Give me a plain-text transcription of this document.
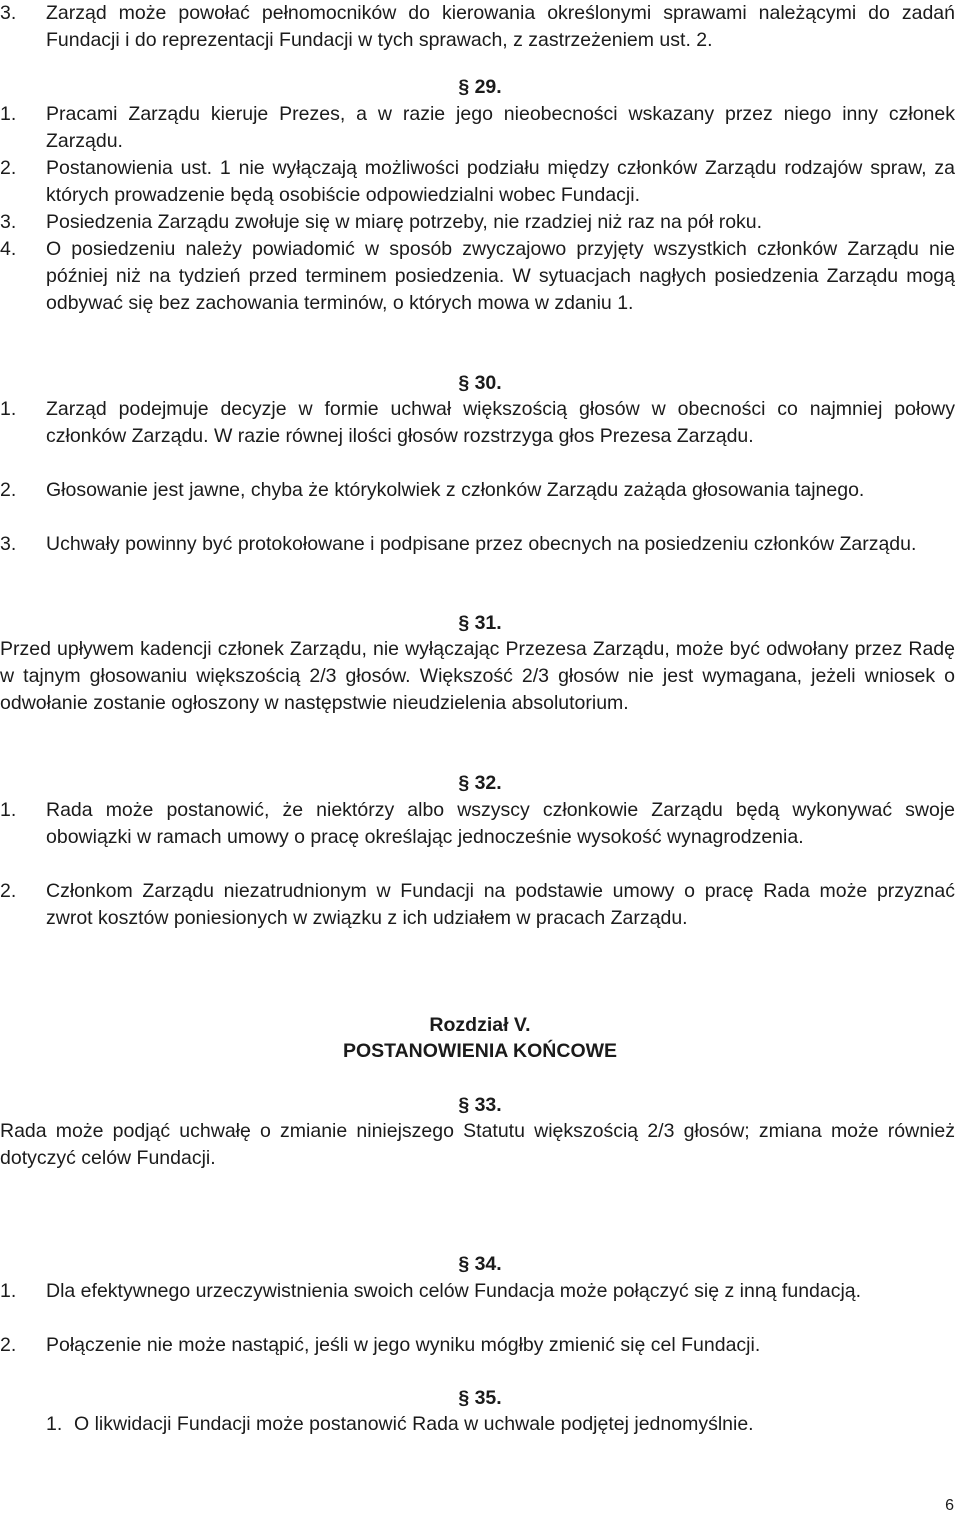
3. Zarząd może powołać pełnomocników do kierowania określonymi sprawami należącymi do zadań Fundacji i do reprezentacji Fundacji w tych sprawach, z zastrzeżeniem ust. 2.
§ 29.
1. Pracami Zarządu kieruje Prezes, a w razie jego nieobecności wskazany przez niego inny członek Zarządu.
2. Postanowienia ust. 1 nie wyłączają możliwości podziału między członków Zarządu rodzajów spraw, za których prowadzenie będą osobiście odpowiedzialni wobec Fundacji.
3. Posiedzenia Zarządu zwołuje się w miarę potrzeby, nie rzadziej niż raz na pół roku.
4. O posiedzeniu należy powiadomić w sposób zwyczajowo przyjęty wszystkich członków Zarządu nie później niż na tydzień przed terminem posiedzenia. W sytuacjach nagłych posiedzenia Zarządu mogą odbywać się bez zachowania terminów, o których mowa w zdaniu 1.
§ 30.
1. Zarząd podejmuje decyzje w formie uchwał większością głosów w obecności co najmniej połowy członków Zarządu. W razie równej ilości głosów rozstrzyga głos Prezesa Zarządu.
2. Głosowanie jest jawne, chyba że którykolwiek z członków Zarządu zażąda głosowania tajnego.
3. Uchwały powinny być protokołowane i podpisane przez obecnych na posiedzeniu członków Zarządu.
§ 31.
Przed upływem kadencji członek Zarządu, nie wyłączając Przezesa Zarządu, może być odwołany przez Radę w tajnym głosowaniu większością 2/3 głosów. Większość 2/3 głosów nie jest wymagana, jeżeli wniosek o odwołanie zostanie ogłoszony w następstwie nieudzielenia absolutorium.
§ 32.
1. Rada może postanowić, że niektórzy albo wszyscy członkowie Zarządu będą wykonywać swoje obowiązki w ramach umowy o pracę określając jednocześnie wysokość wynagrodzenia.
2. Członkom Zarządu niezatrudnionym w Fundacji na podstawie umowy o pracę Rada może przyznać zwrot kosztów poniesionych w związku z ich udziałem w pracach Zarządu.
Rozdział V.
POSTANOWIENIA KOŃCOWE
§ 33.
Rada może podjąć uchwałę o zmianie niniejszego Statutu większością 2/3 głosów; zmiana może również dotyczyć celów Fundacji.
§ 34.
1. Dla efektywnego urzeczywistnienia swoich celów Fundacja może połączyć się z inną fundacją.
2. Połączenie nie może nastąpić, jeśli w jego wyniku mógłby zmienić się cel Fundacji.
§ 35.
1. O likwidacji Fundacji może postanowić Rada w uchwale podjętej jednomyślnie.
6
